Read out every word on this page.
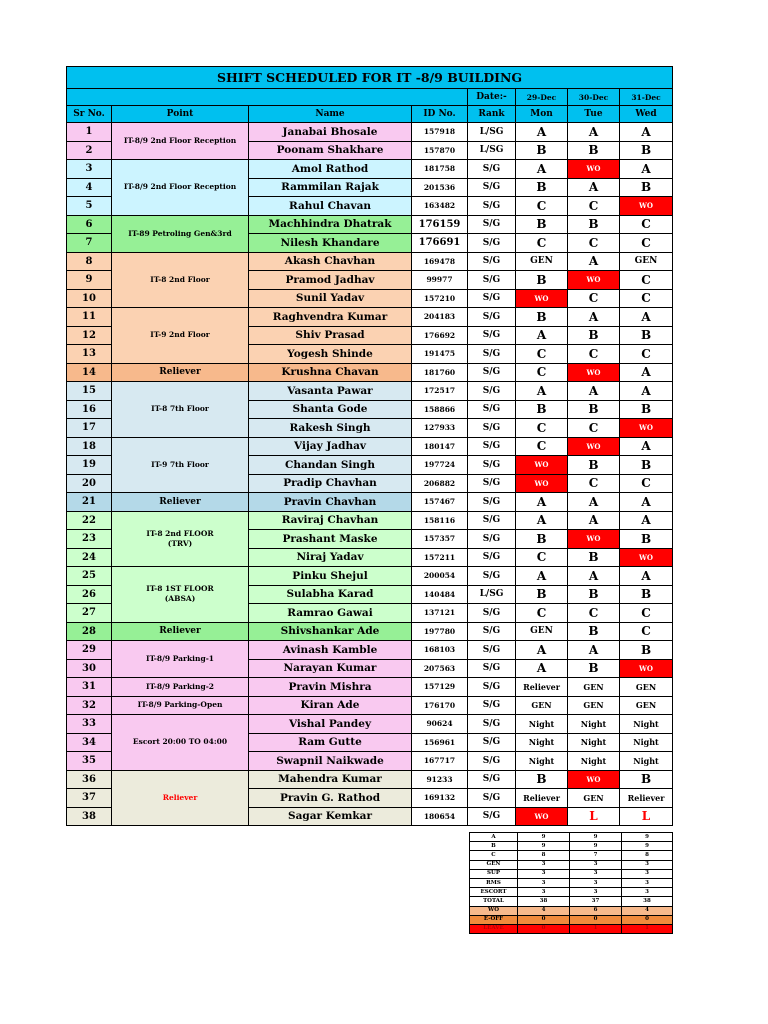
SHIFT SCHEDULED FOR IT -8/9 BUILDING							
				Date:-	29-Dec	30-Dec	31-Dec
Sr No.	Point	Name	ID No.	Rank	Mon	Tue	Wed
1	IT-8/9 2nd Floor Reception	Janabai Bhosale	157918	L/SG	A	A	A
2		Poonam Shakhare	157870	L/SG	B	B	B
3	IT-8/9 2nd Floor Reception	Amol Rathod	181758	S/G	A	WO	A
4		Rammilan Rajak	201536	S/G	B	A	B
5		Rahul Chavan	163482	S/G	C	C	WO
6	IT-89 Petroling Gen&3rd	Machhindra Dhatrak	176159	S/G	B	B	C
7		Nilesh Khandare	176691	S/G	C	C	C
8	IT-8 2nd Floor	Akash Chavhan	169478	S/G	GEN	A	GEN
9		Pramod Jadhav	99977	S/G	B	WO	C
10		Sunil Yadav	157210	S/G	WO	C	C
11	IT-9 2nd Floor	Raghvendra Kumar	204183	S/G	B	A	A
12		Shiv Prasad	176692	S/G	A	B	B
13		Yogesh Shinde	191475	S/G	C	C	C
14	Reliever	Krushna Chavan	181760	S/G	C	WO	A
15	IT-8 7th Floor	Vasanta Pawar	172517	S/G	A	A	A
16		Shanta Gode	158866	S/G	B	B	B
17		Rakesh Singh	127933	S/G	C	C	WO
18	IT-9 7th Floor	Vijay Jadhav	180147	S/G	C	WO	A
19		Chandan Singh	197724	S/G	WO	B	B
20		Pradip Chavhan	206882	S/G	WO	C	C
21	Reliever	Pravin Chavhan	157467	S/G	A	A	A
22	IT-8 2nd FLOOR
(TRV)	Raviraj Chavhan	158116	S/G	A	A	A
23		Prashant Maske	157357	S/G	B	WO	B
24		Niraj Yadav	157211	S/G	C	B	WO
25	IT-8 1ST FLOOR
(ABSA)	Pinku Shejul	200054	S/G	A	A	A
26		Sulabha Karad	140484	L/SG	B	B	B
27		Ramrao Gawai	137121	S/G	C	C	C
28	Reliever	Shivshankar Ade	197780	S/G	GEN	B	C
29	IT-8/9 Parking-1	Avinash Kamble	168103	S/G	A	A	B
30		Narayan Kumar	207563	S/G	A	B	WO
31	IT-8/9 Parking-2	Pravin Mishra	157129	S/G	Reliever	GEN	GEN
32	IT-8/9 Parking-Open	Kiran Ade	176170	S/G	GEN	GEN	GEN
33	Escort 20:00 TO 04:00	Vishal Pandey	90624	S/G	Night	Night	Night
34		Ram Gutte	156961	S/G	Night	Night	Night
35		Swapnil Naikwade	167717	S/G	Night	Night	Night
36	Reliever	Mahendra Kumar	91233	S/G	B	WO	B
37		Pravin G. Rathod	169132	S/G	Reliever	GEN	Reliever
38		Sagar Kemkar	180654	S/G	WO	L	L
A	9	9	9
B	9	9	9
C	8	7	8
GEN	3	3	3
SUP	3	3	3
RMS	3	3	3
ESCORT	3	3	3
TOTAL	38	37	38
WO	4	6	4
E-OFF	0	0	0
LEAVE	0	1	1
